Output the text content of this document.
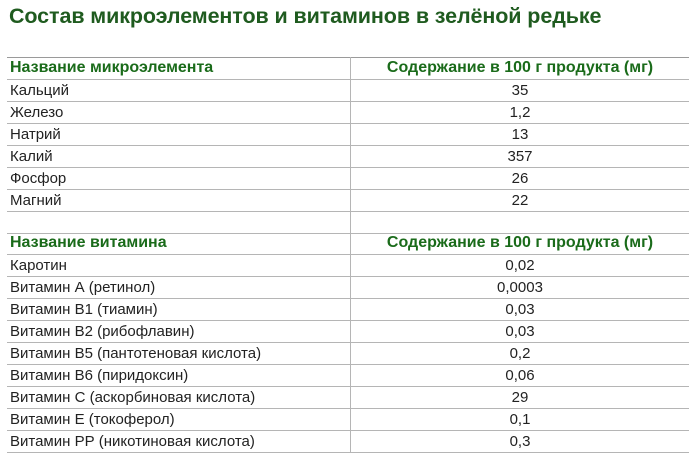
Состав микроэлементов и витаминов в зелёной редьке
Название микроэлемента	Содержание в 100 г продукта (мг)
Кальций	35
Железо	1,2
Натрий	13
Калий	357
Фосфор	26
Магний	22

Название витамина	Содержание в 100 г продукта (мг)
Каротин	0,02
Витамин А (ретинол)	0,0003
Витамин В1 (тиамин)	0,03
Витамин В2 (рибофлавин)	0,03
Витамин В5 (пантотеновая кислота)	0,2
Витамин В6 (пиридоксин)	0,06
Витамин С (аскорбиновая кислота)	29
Витамин Е (токоферол)	0,1
Витамин РР (никотиновая кислота)	0,3
